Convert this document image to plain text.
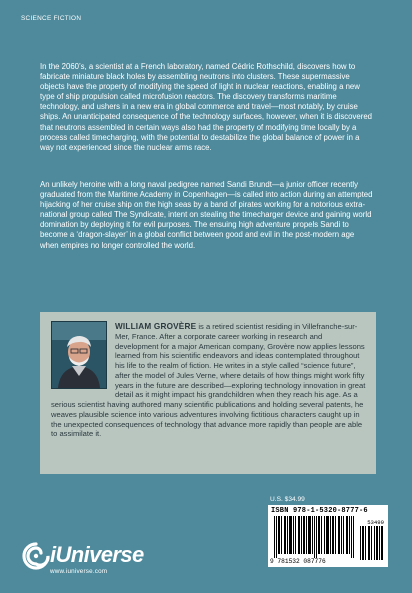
SCIENCE FICTION

In the 2060’s, a scientist at a French laboratory, named Cédric Rothschild, discovers how to fabricate miniature black holes by assembling neutrons into clusters. These supermassive objects have the property of modifying the speed of light in nuclear reactions, enabling a new type of ship propulsion called microfusion reactors. The discovery transforms maritime technology, and ushers in a new era in global commerce and travel—most notably, by cruise ships. An unanticipated consequence of the technology surfaces, however, when it is discovered that neutrons assembled in certain ways also had the property of modifying time locally by a process called timecharging, with the potential to destabilize the global balance of power in a way not experienced since the nuclear arms race.

An unlikely heroine with a long naval pedigree named Sandi Brundt—a junior officer recently graduated from the Maritime Academy in Copenhagen—is called into action during an attempted hijacking of her cruise ship on the high seas by a band of pirates working for a notorious extra-national group called The Syndicate, intent on stealing the timecharger device and gaining world domination by deploying it for evil purposes. The ensuing high adventure propels Sandi to become a ‘dragon-slayer’ in a global conflict between good and evil in the post-modern age when empires no longer controlled the world.

WILLIAM GROVÈRE is a retired scientist residing in Villefranche-sur-Mer, France. After a corporate career working in research and development for a major American company, Grovère now applies lessons learned from his scientific endeavors and ideas contemplated throughout his life to the realm of fiction. He writes in a style called “science future”, after the model of Jules Verne, where details of how things might work fifty years in the future are described—exploring technology innovation in great detail as it might impact his grandchildren when they reach his age. As a serious scientist having authored many scientific publications and holding several patents, he weaves plausible science into various adventures involving fictitious characters caught up in the unexpected consequences of technology that advance more rapidly than people are able to assimilate it.

U.S. $34.99
ISBN 978-1-5320-8777-6
53499
9 781532 087776
iUniverse
www.iuniverse.com
